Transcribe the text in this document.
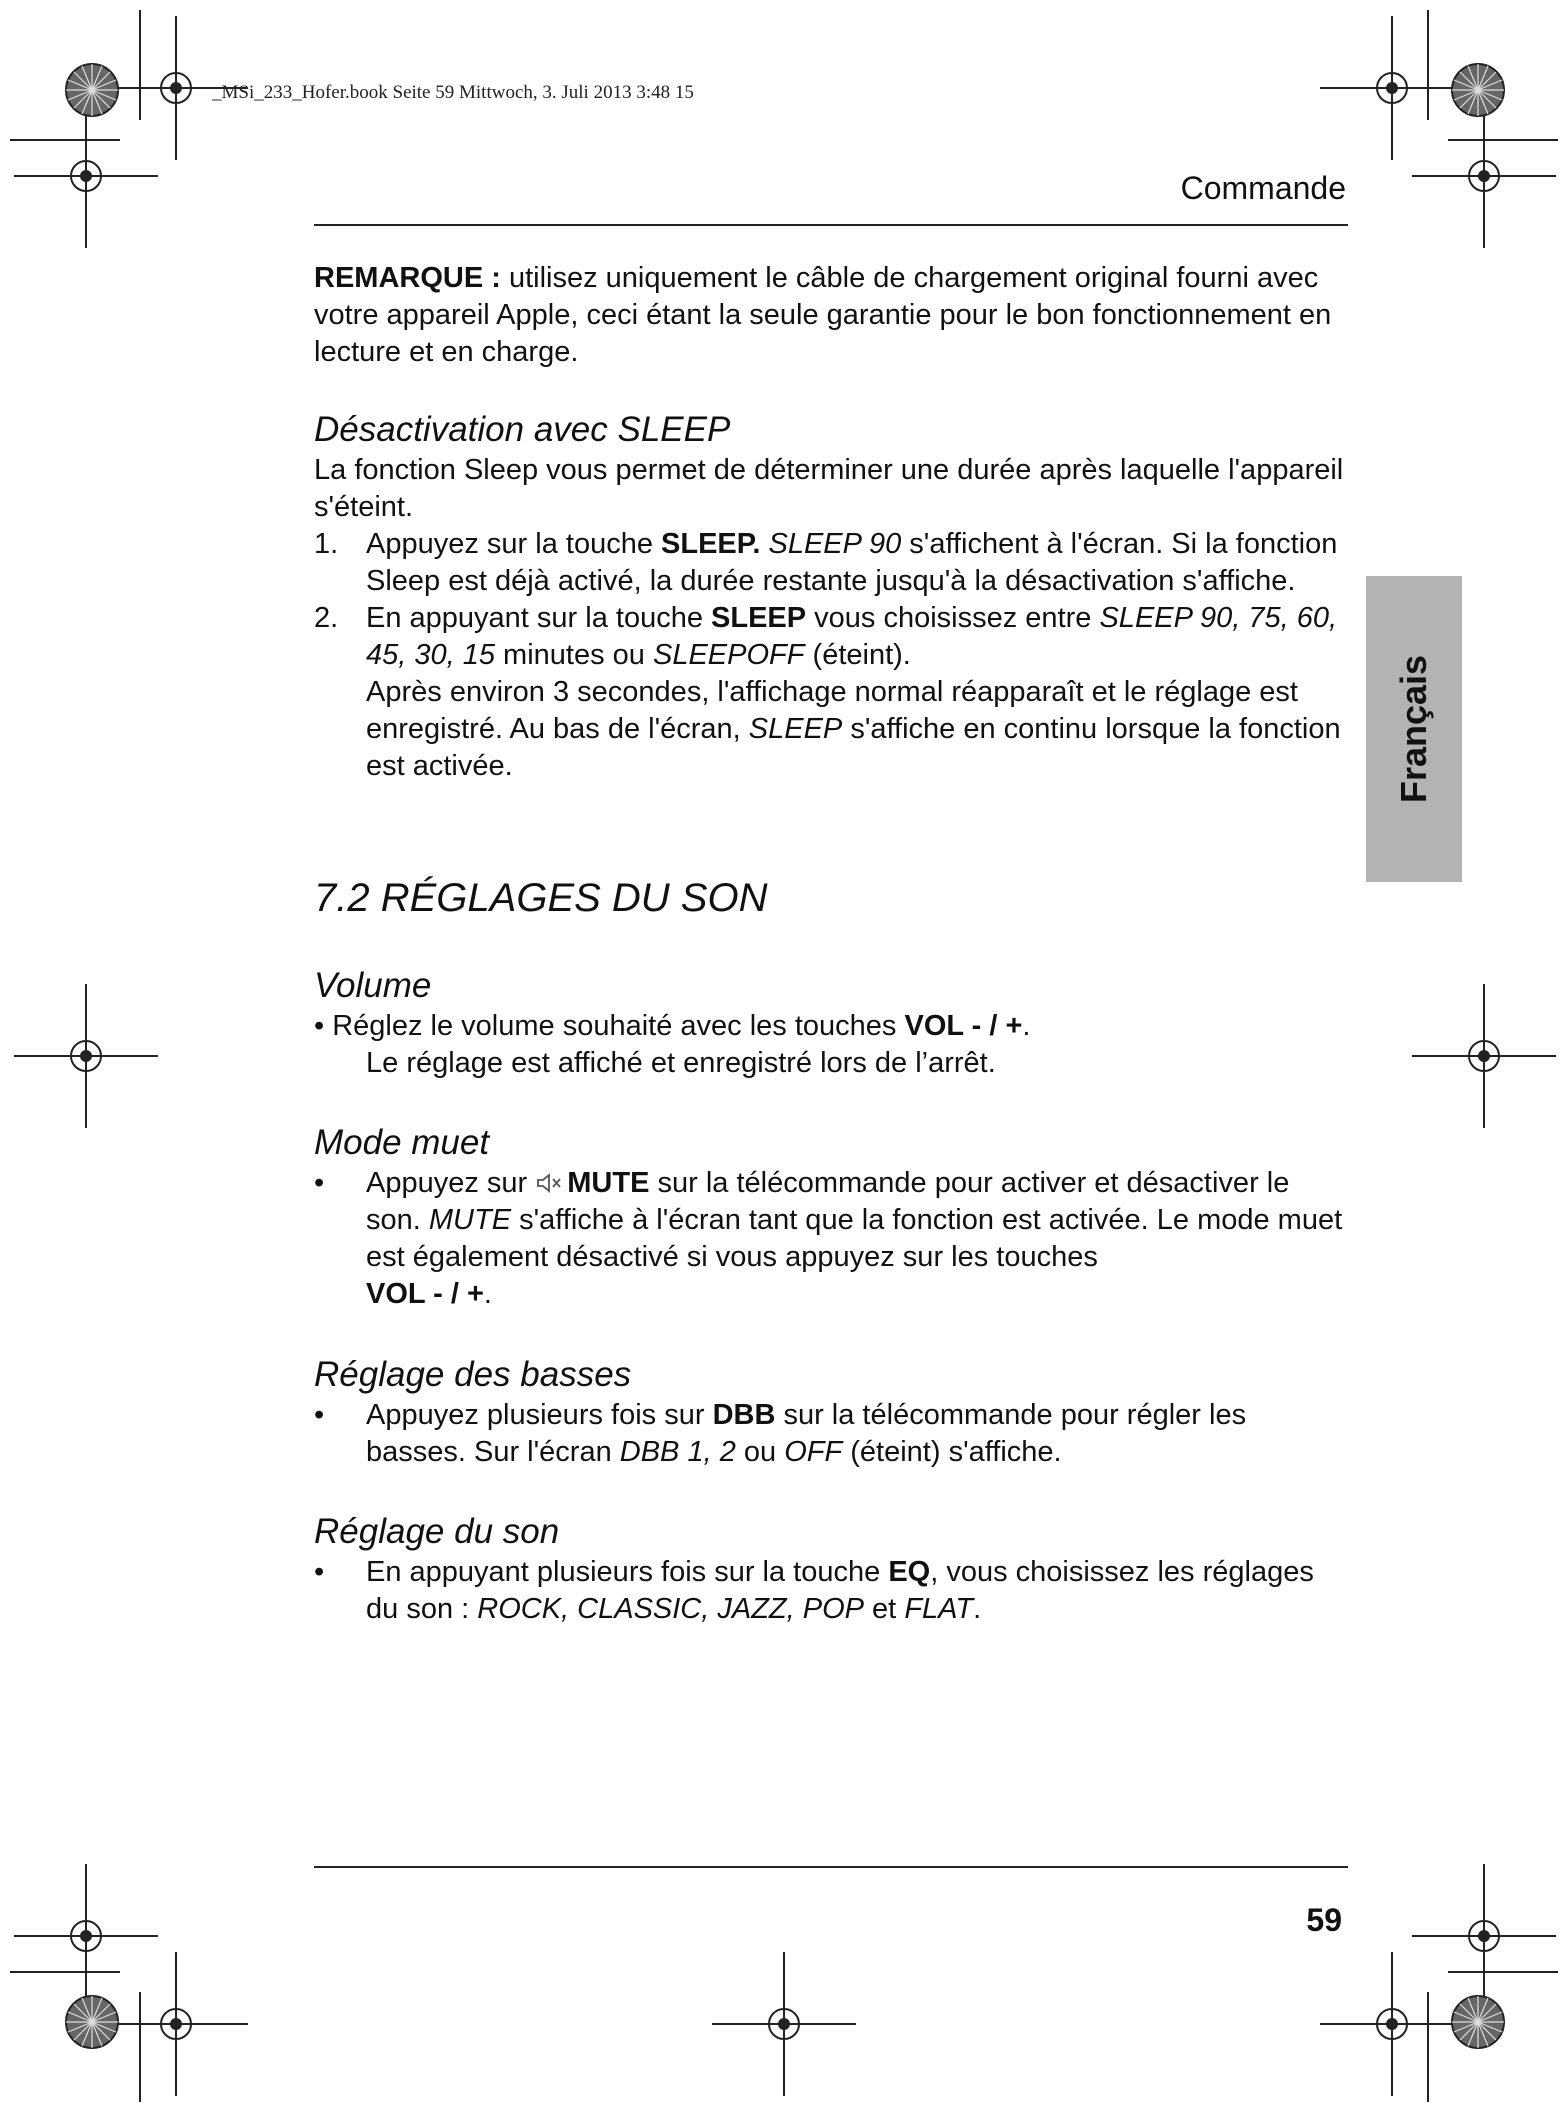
_MSi_233_Hofer.book Seite 59 Mittwoch, 3. Juli 2013 3:48 15
Commande
REMARQUE : utilisez uniquement le câble de chargement original fourni avec votre appareil Apple, ceci étant la seule garantie pour le bon fonctionnement en lecture et en charge.
Désactivation avec SLEEP
La fonction Sleep vous permet de déterminer une durée après laquelle l'appareil s'éteint.
1. Appuyez sur la touche SLEEP. SLEEP 90 s'affichent à l'écran. Si la fonction Sleep est déjà activé, la durée restante jusqu'à la désactivation s'affiche.
2. En appuyant sur la touche SLEEP vous choisissez entre SLEEP 90, 75, 60, 45, 30, 15 minutes ou SLEEPOFF (éteint).
Après environ 3 secondes, l'affichage normal réapparaît et le réglage est enregistré. Au bas de l'écran, SLEEP s'affiche en continu lorsque la fonction est activée.
7.2 RÉGLAGES DU SON
Volume
• Réglez le volume souhaité avec les touches VOL - / +.
Le réglage est affiché et enregistré lors de l’arrêt.
Mode muet
•	Appuyez sur MUTE sur la télécommande pour activer et désactiver le son. MUTE s'affiche à l'écran tant que la fonction est activée. Le mode muet est également désactivé si vous appuyez sur les touches
VOL - / +.
Réglage des basses
•	Appuyez plusieurs fois sur DBB sur la télécommande pour régler les basses. Sur l'écran DBB 1, 2 ou OFF (éteint) s'affiche.
Réglage du son
•	En appuyant plusieurs fois sur la touche EQ, vous choisissez les réglages du son : ROCK, CLASSIC, JAZZ, POP et FLAT.
Français
59
